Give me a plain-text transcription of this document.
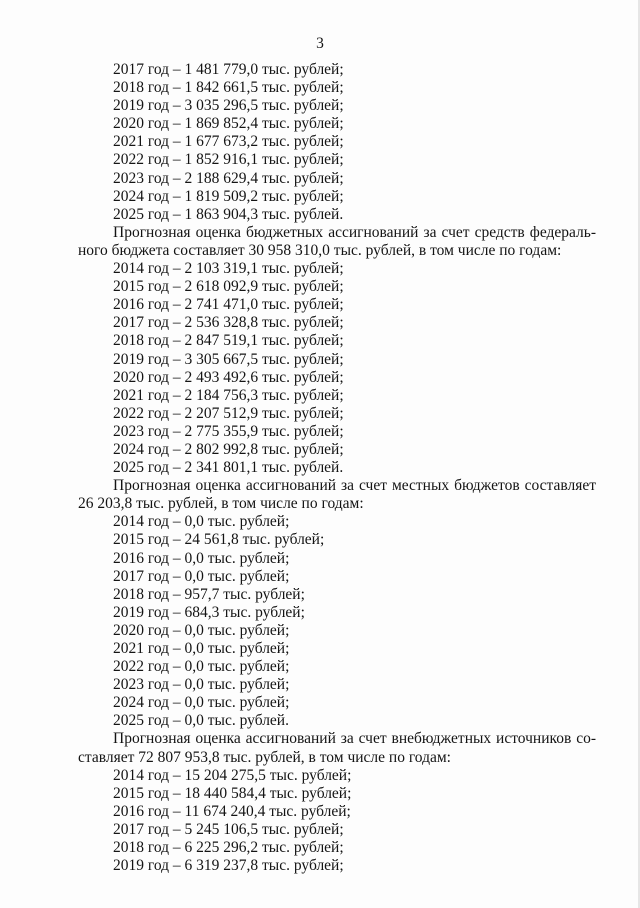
3
2017 год – 1 481 779,0 тыс. рублей;
2018 год – 1 842 661,5 тыс. рублей;
2019 год – 3 035 296,5 тыс. рублей;
2020 год – 1 869 852,4 тыс. рублей;
2021 год – 1 677 673,2 тыс. рублей;
2022 год – 1 852 916,1 тыс. рублей;
2023 год – 2 188 629,4 тыс. рублей;
2024 год – 1 819 509,2 тыс. рублей;
2025 год – 1 863 904,3 тыс. рублей.
Прогнозная оценка бюджетных ассигнований за счет средств федераль-
ного бюджета составляет 30 958 310,0 тыс. рублей, в том числе по годам:
2014 год – 2 103 319,1 тыс. рублей;
2015 год – 2 618 092,9 тыс. рублей;
2016 год – 2 741 471,0 тыс. рублей;
2017 год – 2 536 328,8 тыс. рублей;
2018 год – 2 847 519,1 тыс. рублей;
2019 год – 3 305 667,5 тыс. рублей;
2020 год – 2 493 492,6 тыс. рублей;
2021 год – 2 184 756,3 тыс. рублей;
2022 год – 2 207 512,9 тыс. рублей;
2023 год – 2 775 355,9 тыс. рублей;
2024 год – 2 802 992,8 тыс. рублей;
2025 год – 2 341 801,1 тыс. рублей.
Прогнозная оценка ассигнований за счет местных бюджетов составляет
26 203,8 тыс. рублей, в том числе по годам:
2014 год – 0,0 тыс. рублей;
2015 год – 24 561,8 тыс. рублей;
2016 год – 0,0 тыс. рублей;
2017 год – 0,0 тыс. рублей;
2018 год – 957,7 тыс. рублей;
2019 год – 684,3 тыс. рублей;
2020 год – 0,0 тыс. рублей;
2021 год – 0,0 тыс. рублей;
2022 год – 0,0 тыс. рублей;
2023 год – 0,0 тыс. рублей;
2024 год – 0,0 тыс. рублей;
2025 год – 0,0 тыс. рублей.
Прогнозная оценка ассигнований за счет внебюджетных источников со-
ставляет 72 807 953,8 тыс. рублей, в том числе по годам:
2014 год – 15 204 275,5 тыс. рублей;
2015 год – 18 440 584,4 тыс. рублей;
2016 год – 11 674 240,4 тыс. рублей;
2017 год – 5 245 106,5 тыс. рублей;
2018 год – 6 225 296,2 тыс. рублей;
2019 год – 6 319 237,8 тыс. рублей;
